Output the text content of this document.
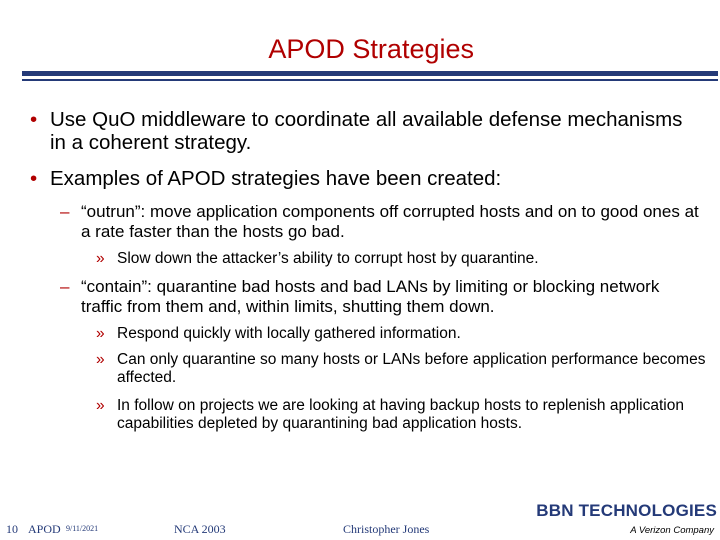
APOD Strategies
• Use QuO middleware to coordinate all available defense mechanisms in a coherent strategy.
• Examples of APOD strategies have been created:
– “outrun”: move application components off corrupted hosts and on to good ones at a rate faster than the hosts go bad.
» Slow down the attacker’s ability to corrupt host by quarantine.
– “contain”: quarantine bad hosts and bad LANs by limiting or blocking network traffic from them and, within limits, shutting them down.
» Respond quickly with locally gathered information.
» Can only quarantine so many hosts or LANs before application performance becomes affected.
» In follow on projects we are looking at having backup hosts to replenish application capabilities depleted by quarantining bad application hosts.
10 APOD 9/11/2021	NCA 2003	Christopher Jones
BBN TECHNOLOGIES
A Verizon Company
